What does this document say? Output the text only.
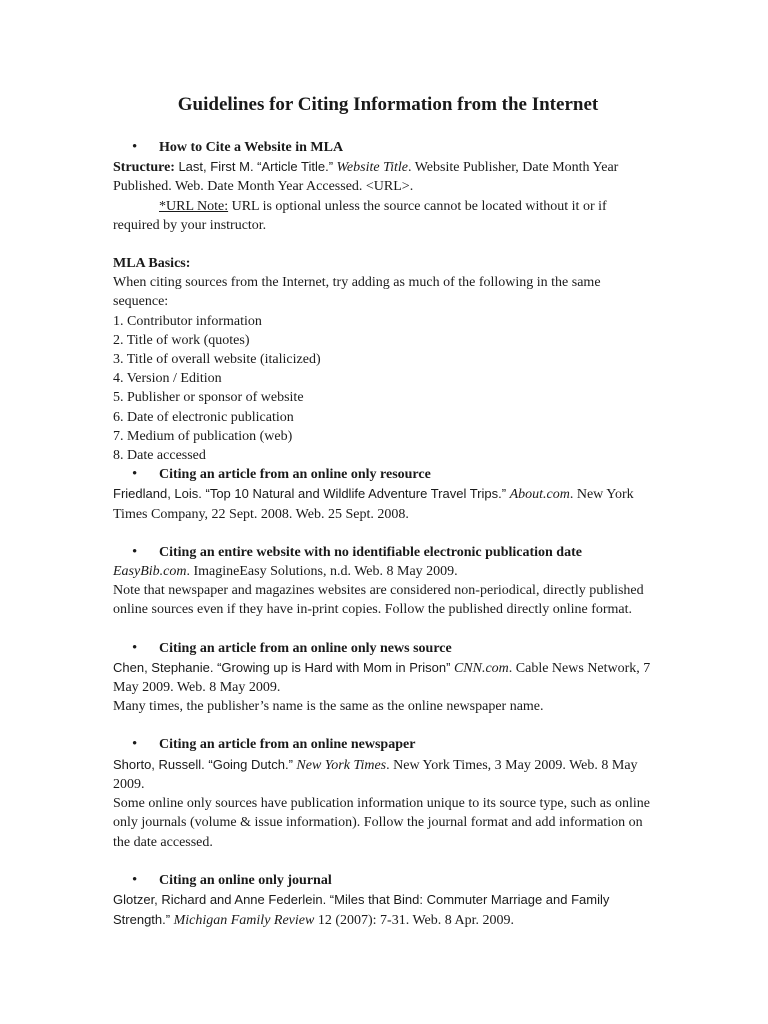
Guidelines for Citing Information from the Internet

• How to Cite a Website in MLA

Structure: Last, First M. “Article Title.” Website Title. Website Publisher, Date Month Year Published. Web. Date Month Year Accessed. <URL>.

*URL Note: URL is optional unless the source cannot be located without it or if required by your instructor.

MLA Basics:

When citing sources from the Internet, try adding as much of the following in the same sequence:

1. Contributor information

2. Title of work (quotes)

3. Title of overall website (italicized)

4. Version / Edition

5. Publisher or sponsor of website

6. Date of electronic publication

7. Medium of publication (web)

8. Date accessed

• Citing an article from an online only resource

Friedland, Lois. “Top 10 Natural and Wildlife Adventure Travel Trips.” About.com. New York Times Company, 22 Sept. 2008. Web. 25 Sept. 2008.

• Citing an entire website with no identifiable electronic publication date

EasyBib.com. ImagineEasy Solutions, n.d. Web. 8 May 2009.

Note that newspaper and magazines websites are considered non-periodical, directly published online sources even if they have in-print copies. Follow the published directly online format.

• Citing an article from an online only news source

Chen, Stephanie. “Growing up is Hard with Mom in Prison” CNN.com. Cable News Network, 7 May 2009. Web. 8 May 2009.

Many times, the publisher’s name is the same as the online newspaper name.

• Citing an article from an online newspaper

Shorto, Russell. “Going Dutch.” New York Times. New York Times, 3 May 2009. Web. 8 May 2009.

Some online only sources have publication information unique to its source type, such as online only journals (volume & issue information). Follow the journal format and add information on the date accessed.

• Citing an online only journal

Glotzer, Richard and Anne Federlein. “Miles that Bind: Commuter Marriage and Family Strength.” Michigan Family Review 12 (2007): 7-31. Web. 8 Apr. 2009.
